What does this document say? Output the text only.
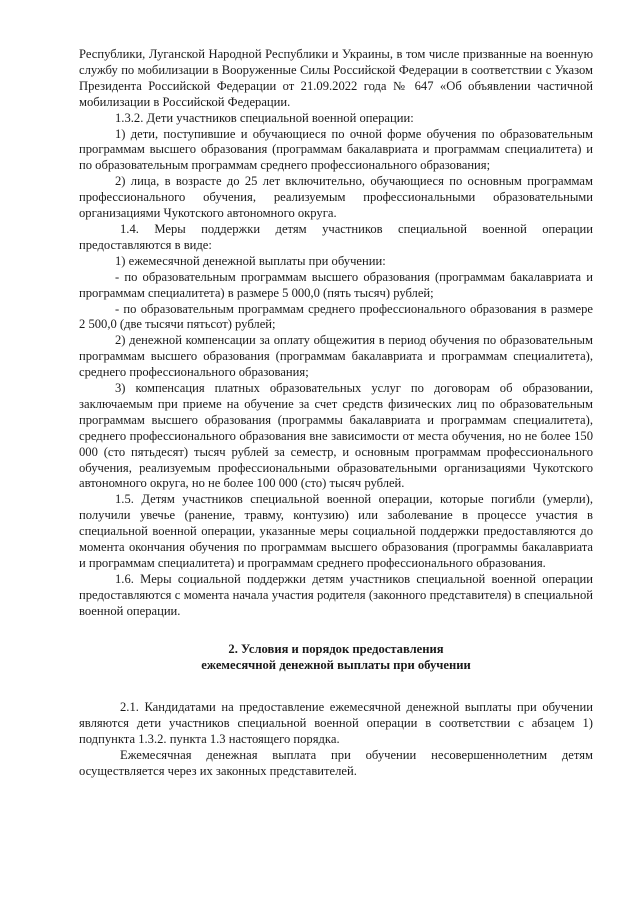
Республики, Луганской Народной Республики и Украины, в том числе призванные на военную службу по мобилизации в Вооруженные Силы Российской Федерации в соответствии с Указом Президента Российской Федерации от 21.09.2022 года № 647 «Об объявлении частичной мобилизации в Российской Федерации.

1.3.2. Дети участников специальной военной операции:

1) дети, поступившие и обучающиеся по очной форме обучения по образовательным программам высшего образования (программам бакалавриата и программам специалитета) и по образовательным программам среднего профессионального образования;

2) лица, в возрасте до 25 лет включительно, обучающиеся по основным программам профессионального обучения, реализуемым профессиональными образовательными организациями Чукотского автономного округа.

1.4. Меры поддержки детям участников специальной военной операции предоставляются в виде:

1) ежемесячной денежной выплаты при обучении:

- по образовательным программам высшего образования (программам бакалавриата и программам специалитета) в размере 5 000,0 (пять тысяч) рублей;

- по образовательным программам среднего профессионального образования в размере 2 500,0 (две тысячи пятьсот) рублей;

2) денежной компенсации за оплату общежития в период обучения по образовательным программам высшего образования (программам бакалавриата и программам специалитета), среднего профессионального образования;

3) компенсация платных образовательных услуг по договорам об образовании, заключаемым при приеме на обучение за счет средств физических лиц по образовательным программам высшего образования (программы бакалавриата и программам специалитета), среднего профессионального образования вне зависимости от места обучения, но не более 150 000 (сто пятьдесят) тысяч рублей за семестр, и основным программам профессионального обучения, реализуемым профессиональными образовательными организациями Чукотского автономного округа, но не более 100 000 (сто) тысяч рублей.

1.5. Детям участников специальной военной операции, которые погибли (умерли), получили увечье (ранение, травму, контузию) или заболевание в процессе участия в специальной военной операции, указанные меры социальной поддержки предоставляются до момента окончания обучения по программам высшего образования (программы бакалавриата и программам специалитета) и программам среднего профессионального образования.

1.6. Меры социальной поддержки детям участников специальной военной операции предоставляются с момента начала участия родителя (законного представителя) в специальной военной операции.

2. Условия и порядок предоставления
ежемесячной денежной выплаты при обучении

2.1. Кандидатами на предоставление ежемесячной денежной выплаты при обучении являются дети участников специальной военной операции в соответствии с абзацем 1) подпункта 1.3.2. пункта 1.3 настоящего порядка.

Ежемесячная денежная выплата при обучении несовершеннолетним детям осуществляется через их законных представителей.
